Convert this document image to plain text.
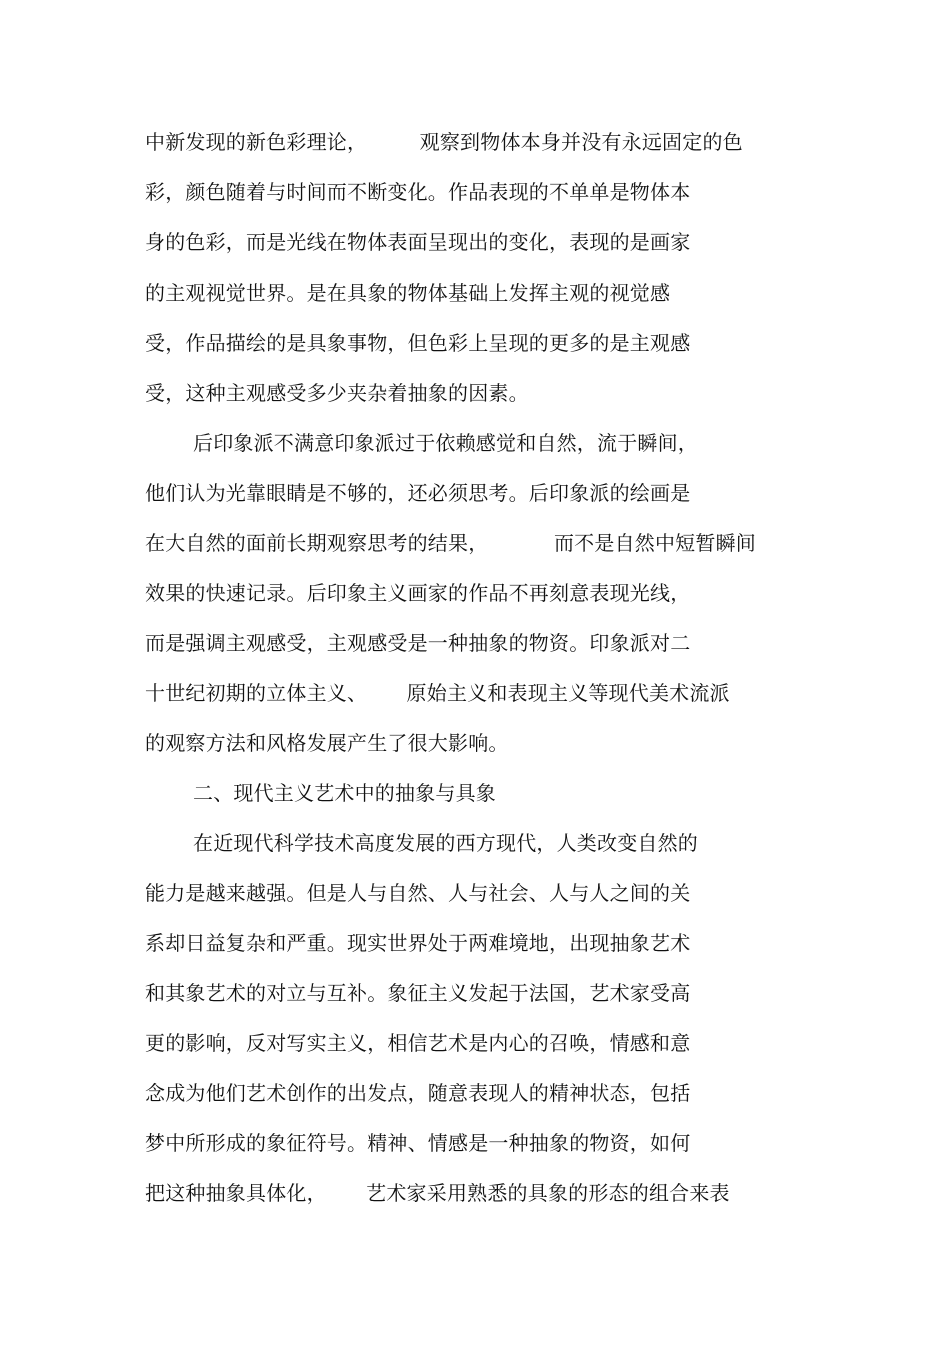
中新发现的新色彩理论，        观察到物体本身并没有永远固定的色
彩，颜色随着与时间而不断变化。作品表现的不单单是物体本
身的色彩，而是光线在物体表面呈现出的变化，表现的是画家
的主观视觉世界。是在具象的物体基础上发挥主观的视觉感
受，作品描绘的是具象事物，但色彩上呈现的更多的是主观感
受，这种主观感受多少夹杂着抽象的因素。
后印象派不满意印象派过于依赖感觉和自然，流于瞬间，
他们认为光靠眼睛是不够的，还必须思考。后印象派的绘画是
在大自然的面前长期观察思考的结果，          而不是自然中短暂瞬间
效果的快速记录。后印象主义画家的作品不再刻意表现光线，
而是强调主观感受，主观感受是一种抽象的物资。印象派对二
十世纪初期的立体主义、      原始主义和表现主义等现代美术流派
的观察方法和风格发展产生了很大影响。
二、现代主义艺术中的抽象与具象
在近现代科学技术高度发展的西方现代，人类改变自然的
能力是越来越强。但是人与自然、人与社会、人与人之间的关
系却日益复杂和严重。现实世界处于两难境地，出现抽象艺术
和其象艺术的对立与互补。象征主义发起于法国，艺术家受高
更的影响，反对写实主义，相信艺术是内心的召唤，情感和意
念成为他们艺术创作的出发点，随意表现人的精神状态，包括
梦中所形成的象征符号。精神、情感是一种抽象的物资，如何
把这种抽象具体化，      艺术家采用熟悉的具象的形态的组合来表
